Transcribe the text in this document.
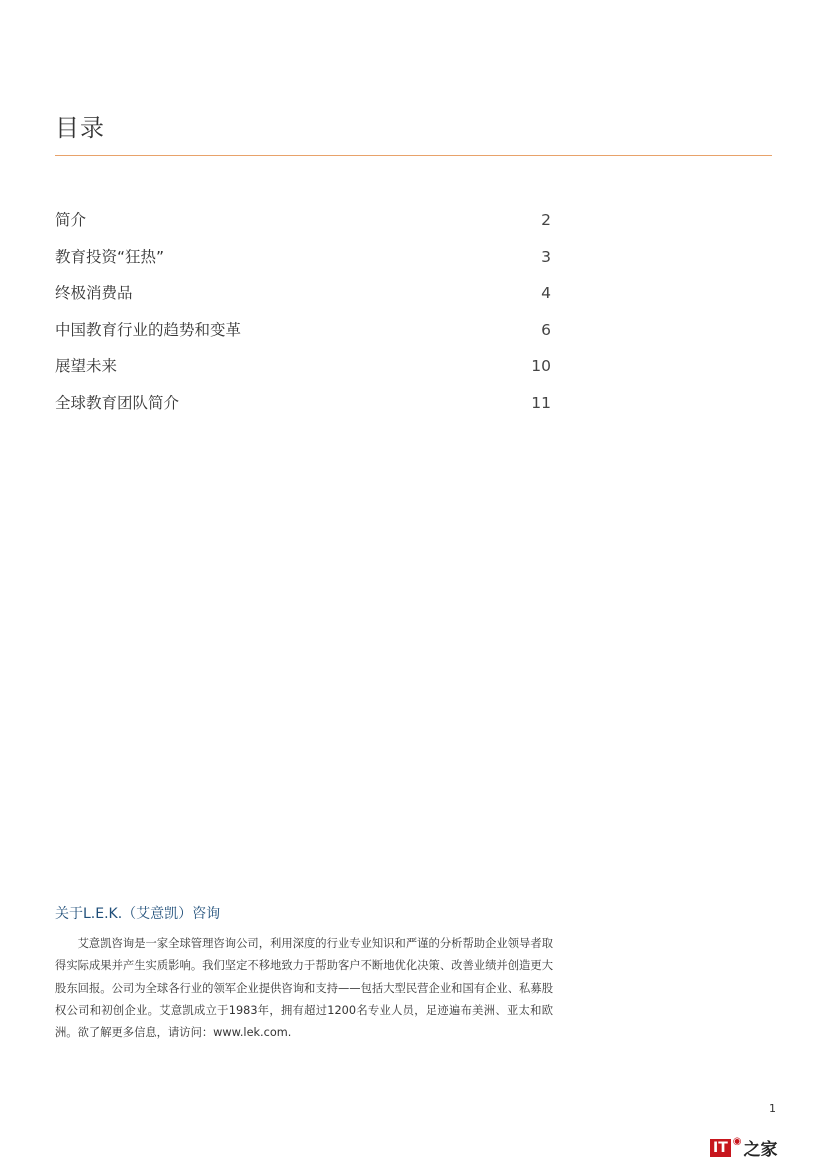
目录
简介	2
教育投资“狂热”	3
终极消费品	4
中国教育行业的趋势和变革	6
展望未来	10
全球教育团队简介	11
关于L.E.K.（艾意凯）咨询
艾意凯咨询是一家全球管理咨询公司，利用深度的行业专业知识和严谨的分析帮助企业领导者取得实际成果并产生实质影响。我们坚定不移地致力于帮助客户不断地优化决策、改善业绩并创造更大股东回报。公司为全球各行业的领军企业提供咨询和支持——包括大型民营企业和国有企业、私募股权公司和初创企业。艾意凯成立于1983年，拥有超过1200名专业人员，足迹遍布美洲、亚太和欧洲。欲了解更多信息，请访问：www.lek.com.
1
IT ◉ 之家
